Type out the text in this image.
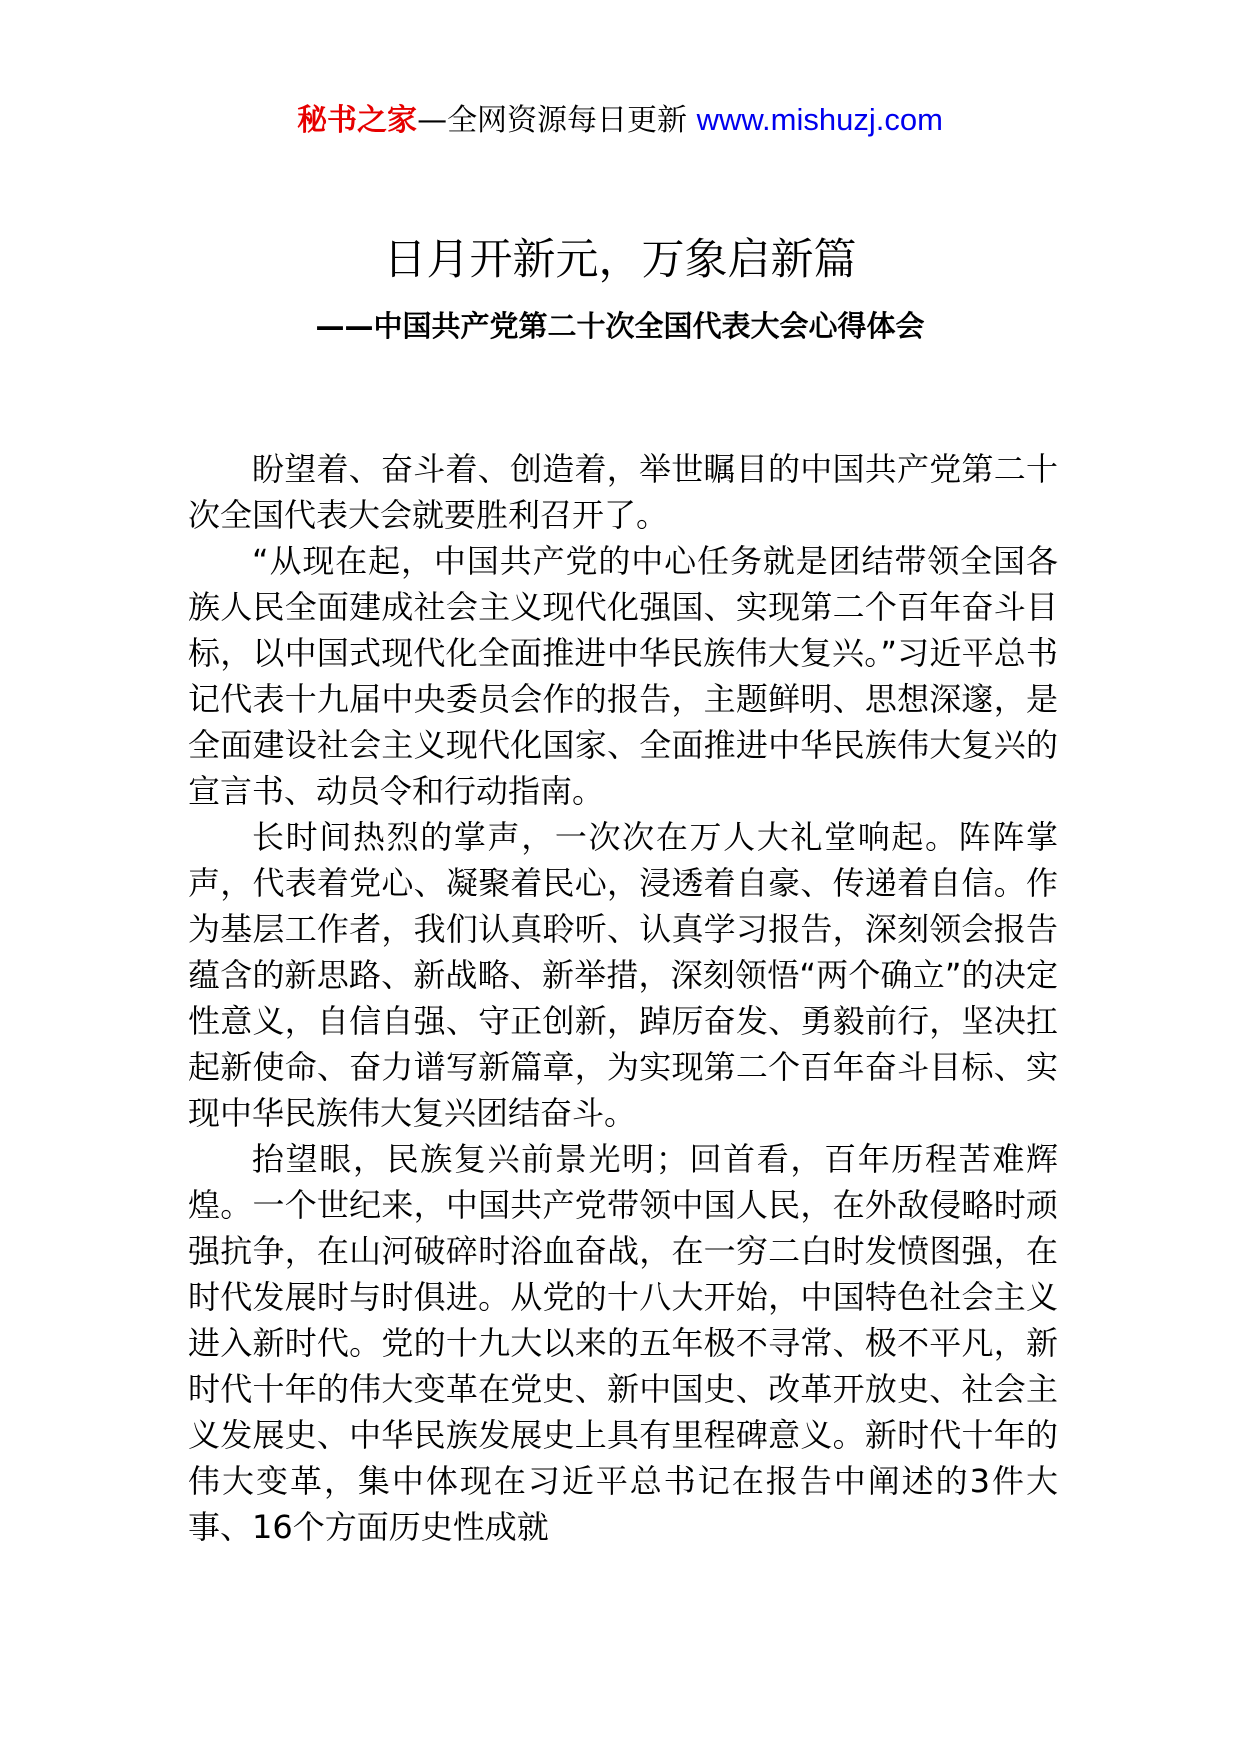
秘书之家—全网资源每日更新 www.mishuzj.com
日月开新元，万象启新篇
——中国共产党第二十次全国代表大会心得体会

盼望着、奋斗着、创造着，举世瞩目的中国共产党第二十次全国代表大会就要胜利召开了。

“从现在起，中国共产党的中心任务就是团结带领全国各族人民全面建成社会主义现代化强国、实现第二个百年奋斗目标，以中国式现代化全面推进中华民族伟大复兴。”习近平总书记代表十九届中央委员会作的报告，主题鲜明、思想深邃，是全面建设社会主义现代化国家、全面推进中华民族伟大复兴的宣言书、动员令和行动指南。

长时间热烈的掌声，一次次在万人大礼堂响起。阵阵掌声，代表着党心、凝聚着民心，浸透着自豪、传递着自信。作为基层工作者，我们认真聆听、认真学习报告，深刻领会报告蕴含的新思路、新战略、新举措，深刻领悟“两个确立”的决定性意义，自信自强、守正创新，踔厉奋发、勇毅前行，坚决扛起新使命、奋力谱写新篇章，为实现第二个百年奋斗目标、实现中华民族伟大复兴团结奋斗。

抬望眼，民族复兴前景光明；回首看，百年历程苦难辉煌。一个世纪来，中国共产党带领中国人民，在外敌侵略时顽强抗争，在山河破碎时浴血奋战，在一穷二白时发愤图强，在时代发展时与时俱进。从党的十八大开始，中国特色社会主义进入新时代。党的十九大以来的五年极不寻常、极不平凡，新时代十年的伟大变革在党史、新中国史、改革开放史、社会主义发展史、中华民族发展史上具有里程碑意义。新时代十年的伟大变革，集中体现在习近平总书记在报告中阐述的3件大事、16个方面历史性成就
